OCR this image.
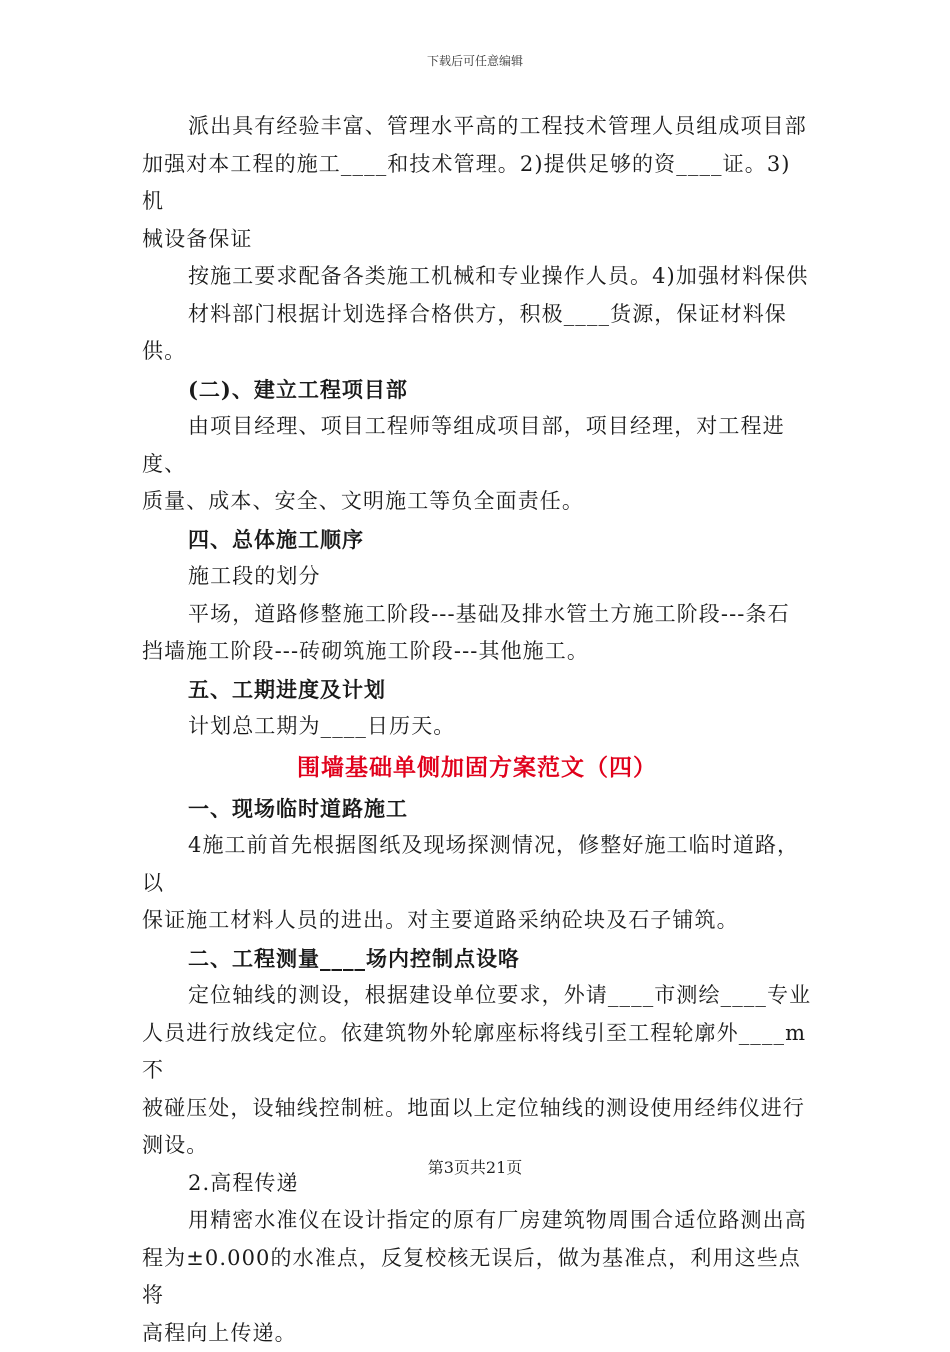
下载后可任意编辑
派出具有经验丰富、管理水平高的工程技术管理人员组成项目部
加强对本工程的施工____和技术管理。2)提供足够的资____证。3)机
械设备保证
按施工要求配备各类施工机械和专业操作人员。4)加强材料保供
材料部门根据计划选择合格供方，积极____货源，保证材料保供。
(二)、建立工程项目部
由项目经理、项目工程师等组成项目部，项目经理，对工程进度、
质量、成本、安全、文明施工等负全面责任。
四、总体施工顺序
施工段的划分
平场，道路修整施工阶段---基础及排水管土方施工阶段---条石
挡墙施工阶段---砖砌筑施工阶段---其他施工。
五、工期进度及计划
计划总工期为____日历天。
围墙基础单侧加固方案范文（四）
一、现场临时道路施工
4施工前首先根据图纸及现场探测情况，修整好施工临时道路，以
保证施工材料人员的进出。对主要道路采纳砼块及石子铺筑。
二、工程测量____场内控制点设咯
定位轴线的测设，根据建设单位要求，外请____市测绘____专业
人员进行放线定位。依建筑物外轮廓座标将线引至工程轮廓外____m不
被碰压处，设轴线控制桩。地面以上定位轴线的测设使用经纬仪进行
测设。
2.高程传递
用精密水准仪在设计指定的原有厂房建筑物周围合适位路测出高
程为±0.000的水准点，反复校核无误后，做为基准点，利用这些点将
高程向上传递。
第3页共21页
